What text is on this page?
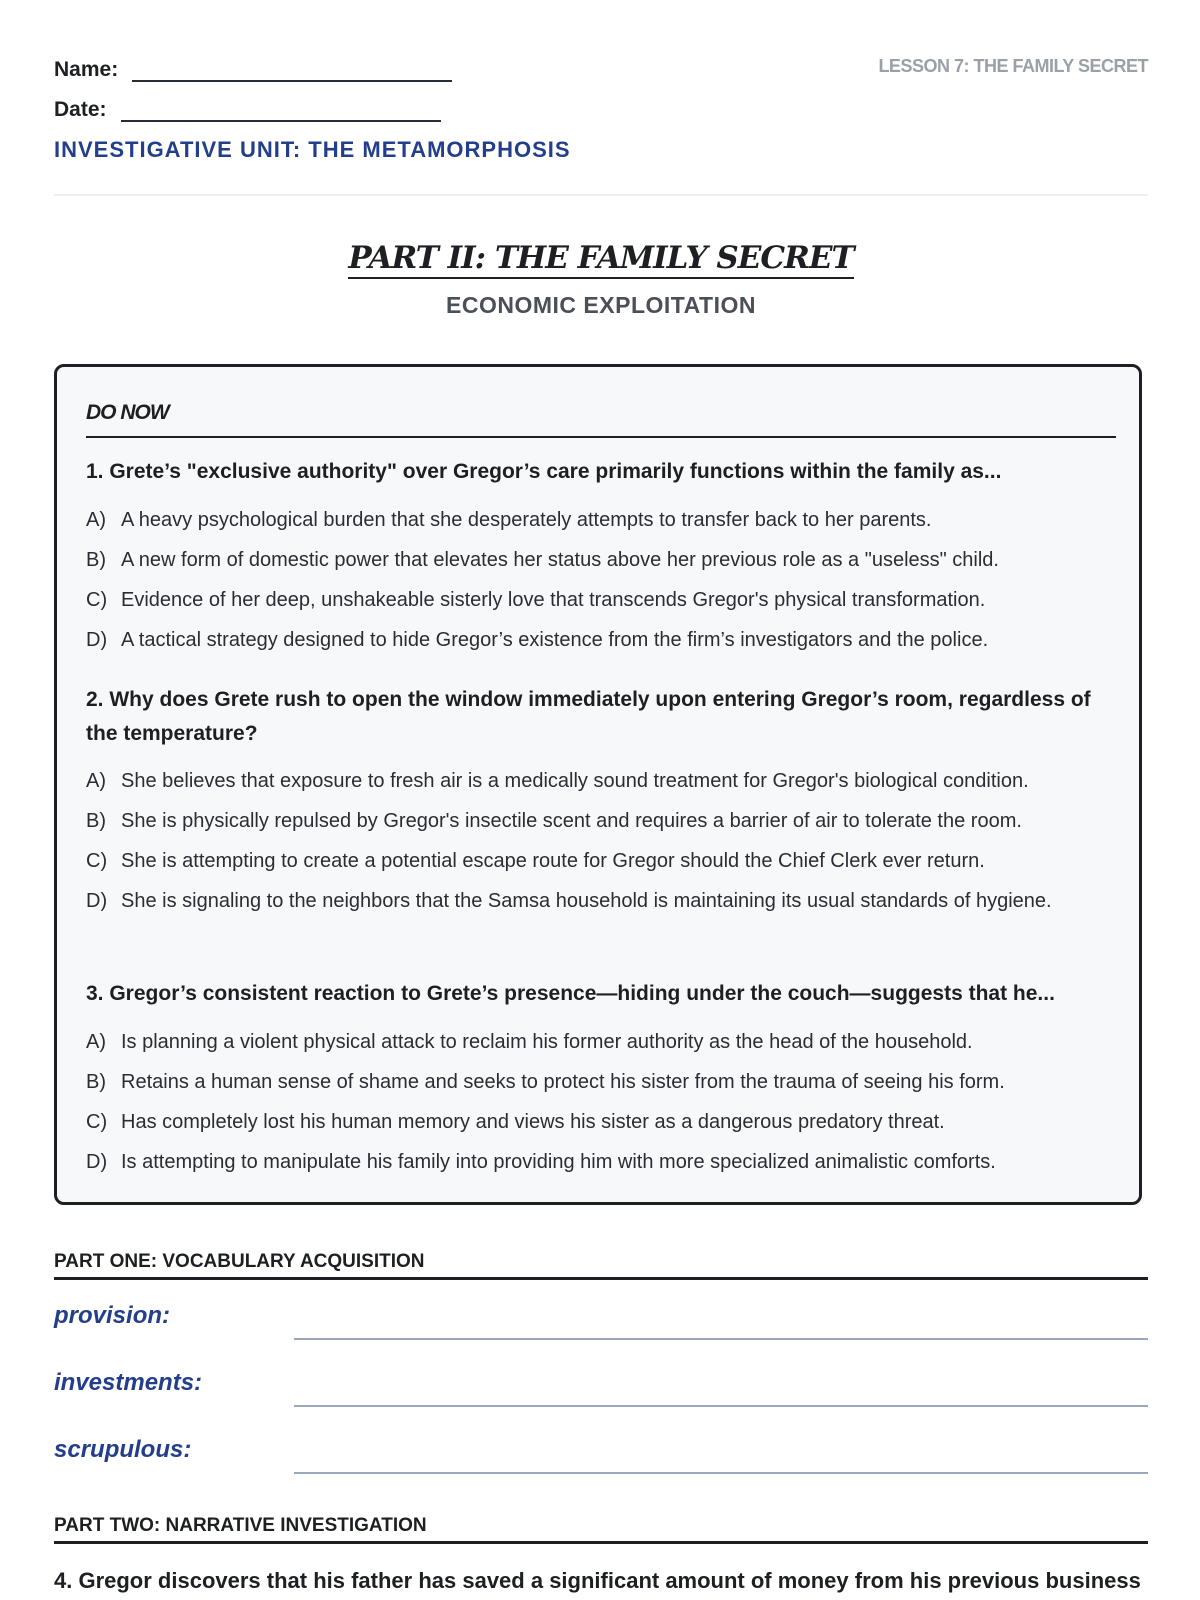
Name:
Date:
LESSON 7: THE FAMILY SECRET
INVESTIGATIVE UNIT: THE METAMORPHOSIS
PART II: THE FAMILY SECRET
ECONOMIC EXPLOITATION
DO NOW
1. Grete’s "exclusive authority" over Gregor’s care primarily functions within the family as...
A) A heavy psychological burden that she desperately attempts to transfer back to her parents.
B) A new form of domestic power that elevates her status above her previous role as a "useless" child.
C) Evidence of her deep, unshakeable sisterly love that transcends Gregor's physical transformation.
D) A tactical strategy designed to hide Gregor’s existence from the firm’s investigators and the police.
2. Why does Grete rush to open the window immediately upon entering Gregor’s room, regardless of the temperature?
A) She believes that exposure to fresh air is a medically sound treatment for Gregor's biological condition.
B) She is physically repulsed by Gregor's insectile scent and requires a barrier of air to tolerate the room.
C) She is attempting to create a potential escape route for Gregor should the Chief Clerk ever return.
D) She is signaling to the neighbors that the Samsa household is maintaining its usual standards of hygiene.
3. Gregor’s consistent reaction to Grete’s presence—hiding under the couch—suggests that he...
A) Is planning a violent physical attack to reclaim his former authority as the head of the household.
B) Retains a human sense of shame and seeks to protect his sister from the trauma of seeing his form.
C) Has completely lost his human memory and views his sister as a dangerous predatory threat.
D) Is attempting to manipulate his family into providing him with more specialized animalistic comforts.
PART ONE: VOCABULARY ACQUISITION
provision:
investments:
scrupulous:
PART TWO: NARRATIVE INVESTIGATION
4. Gregor discovers that his father has saved a significant amount of money from his previous business
